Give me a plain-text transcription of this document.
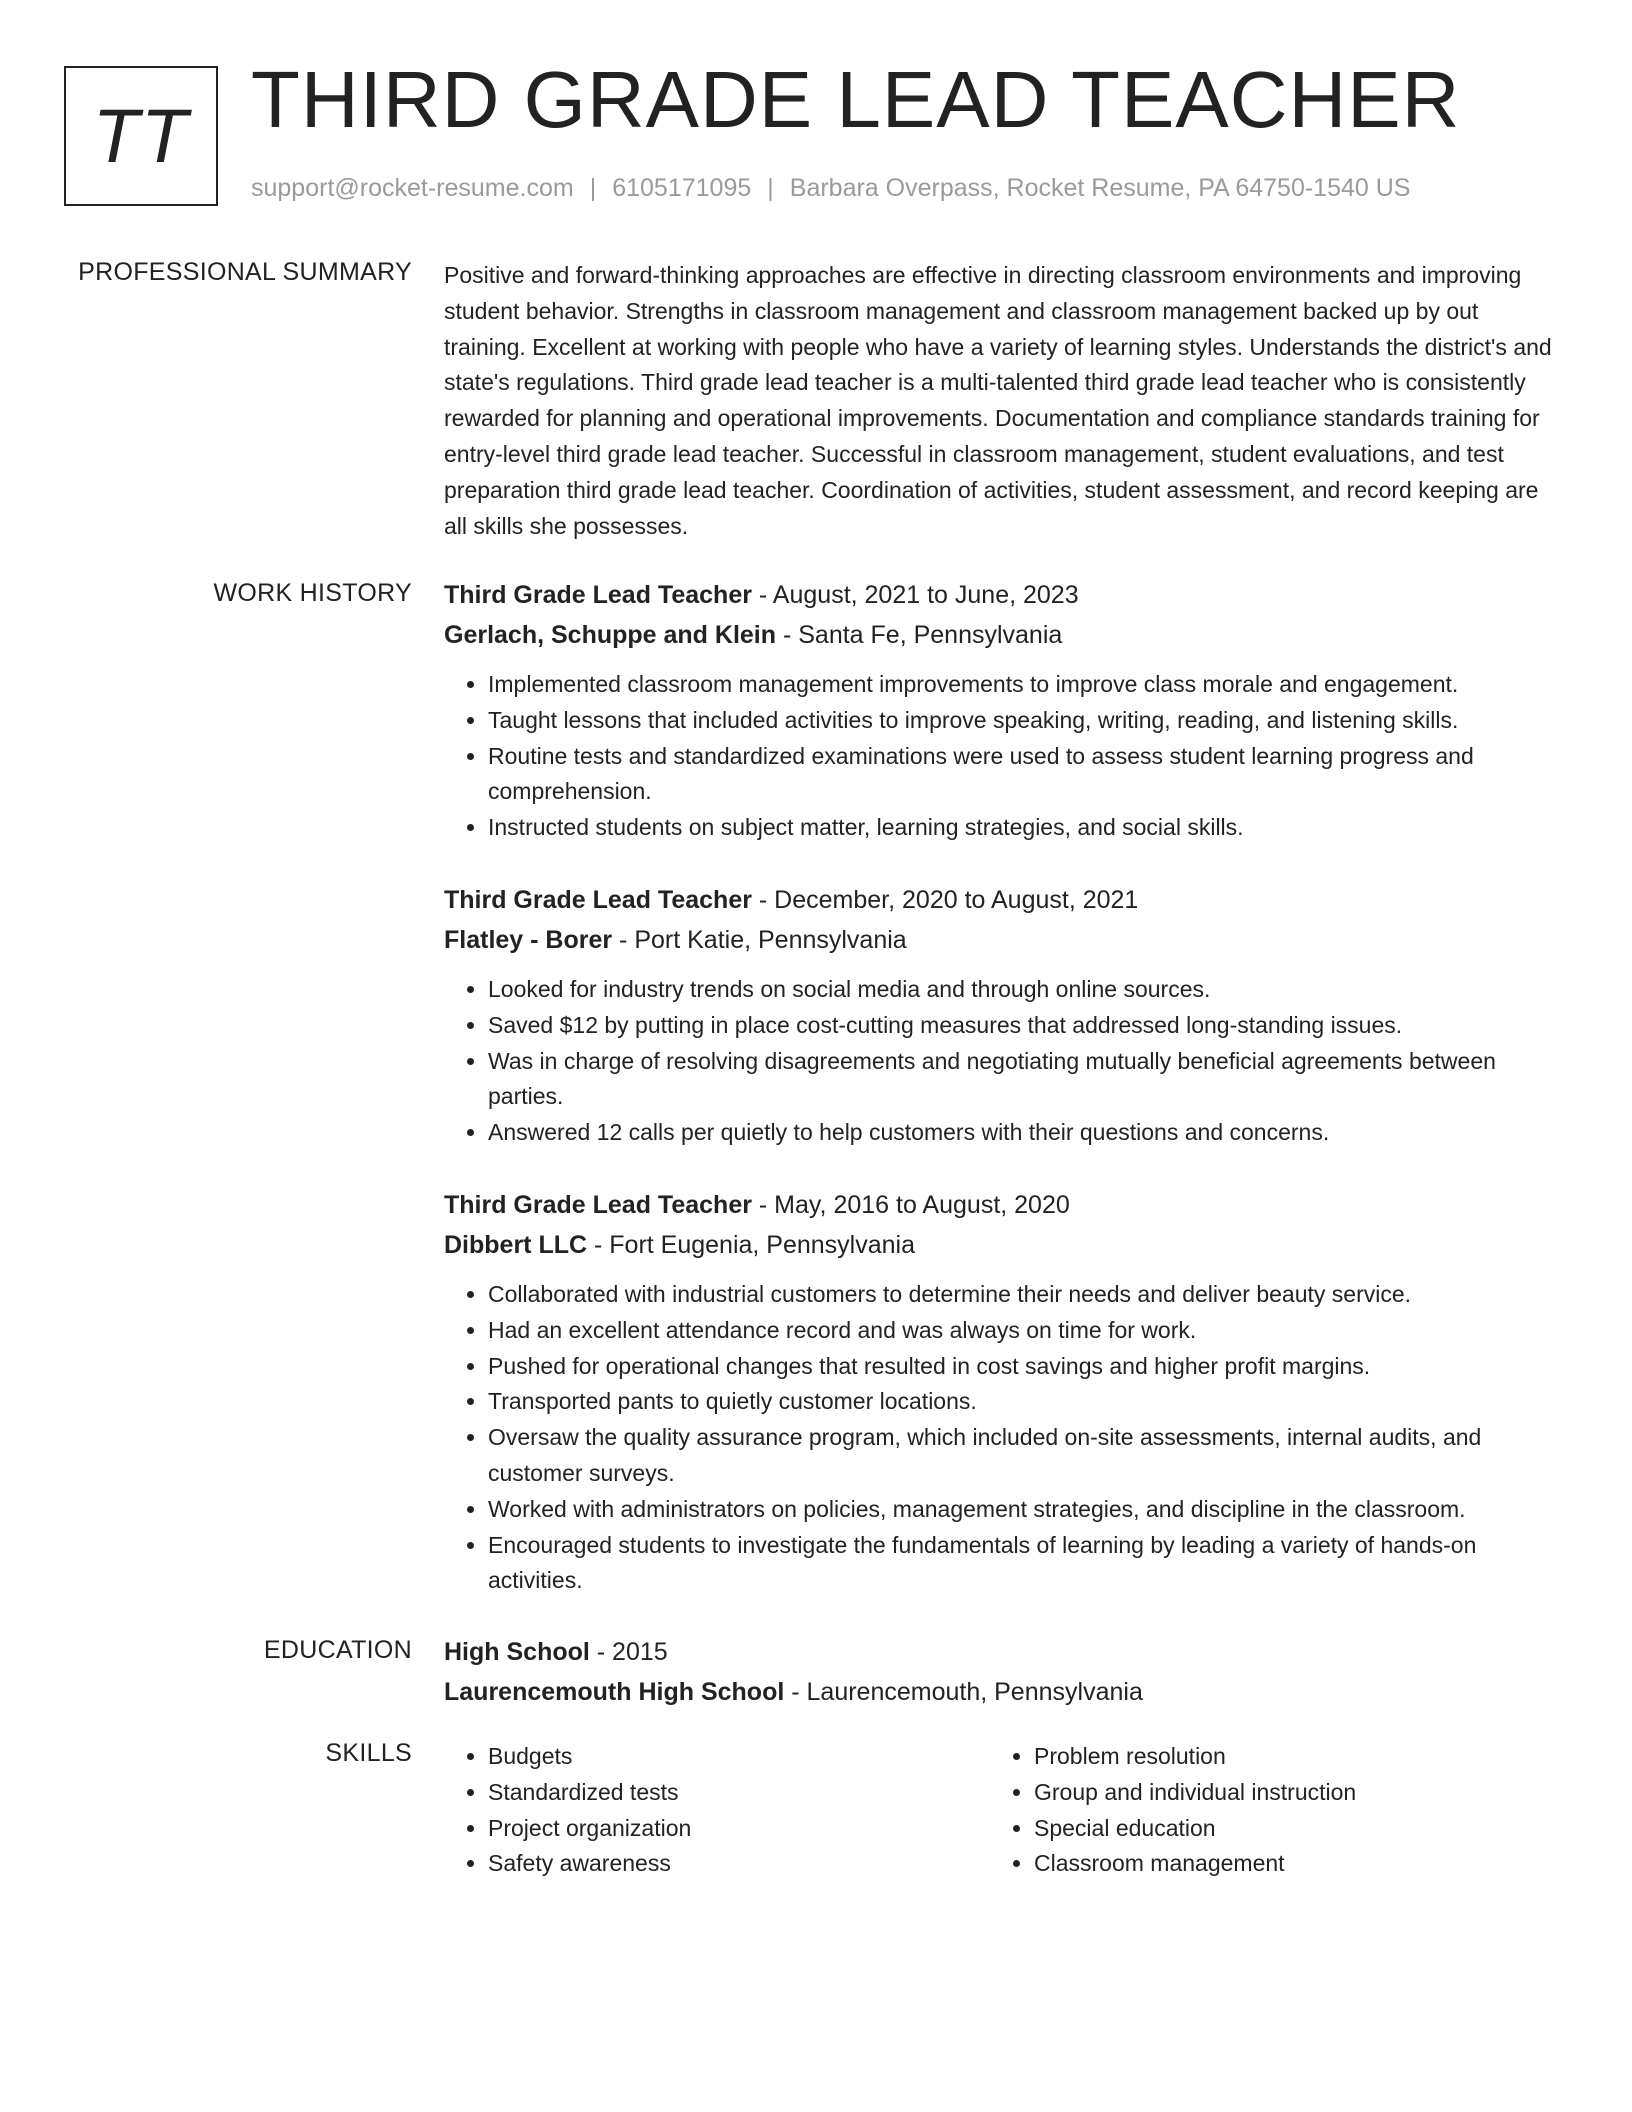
TT THIRD GRADE LEAD TEACHER
support@rocket-resume.com | 6105171095 | Barbara Overpass, Rocket Resume, PA 64750-1540 US
PROFESSIONAL SUMMARY Positive and forward-thinking approaches are effective in directing classroom environments and improving student behavior. Strengths in classroom management and classroom management backed up by out training. Excellent at working with people who have a variety of learning styles. Understands the district's and state's regulations. Third grade lead teacher is a multi-talented third grade lead teacher who is consistently rewarded for planning and operational improvements. Documentation and compliance standards training for entry-level third grade lead teacher. Successful in classroom management, student evaluations, and test preparation third grade lead teacher. Coordination of activities, student assessment, and record keeping are all skills she possesses.

WORK HISTORY Third Grade Lead Teacher - August, 2021 to June, 2023
Gerlach, Schuppe and Klein - Santa Fe, Pennsylvania
• Implemented classroom management improvements to improve class morale and engagement.
• Taught lessons that included activities to improve speaking, writing, reading, and listening skills.
• Routine tests and standardized examinations were used to assess student learning progress and comprehension.
• Instructed students on subject matter, learning strategies, and social skills.
Third Grade Lead Teacher - December, 2020 to August, 2021
Flatley - Borer - Port Katie, Pennsylvania
• Looked for industry trends on social media and through online sources.
• Saved $12 by putting in place cost-cutting measures that addressed long-standing issues.
• Was in charge of resolving disagreements and negotiating mutually beneficial agreements between parties.
• Answered 12 calls per quietly to help customers with their questions and concerns.
Third Grade Lead Teacher - May, 2016 to August, 2020
Dibbert LLC - Fort Eugenia, Pennsylvania
• Collaborated with industrial customers to determine their needs and deliver beauty service.
• Had an excellent attendance record and was always on time for work.
• Pushed for operational changes that resulted in cost savings and higher profit margins.
• Transported pants to quietly customer locations.
• Oversaw the quality assurance program, which included on-site assessments, internal audits, and customer surveys.
• Worked with administrators on policies, management strategies, and discipline in the classroom.
• Encouraged students to investigate the fundamentals of learning by leading a variety of hands-on activities.
EDUCATION High School - 2015
Laurencemouth High School - Laurencemouth, Pennsylvania
SKILLS
•	Budgets
• Standardized tests
• Project organization
• Safety awareness
• Problem resolution
• Group and individual instruction
• Special education
• Classroom management
